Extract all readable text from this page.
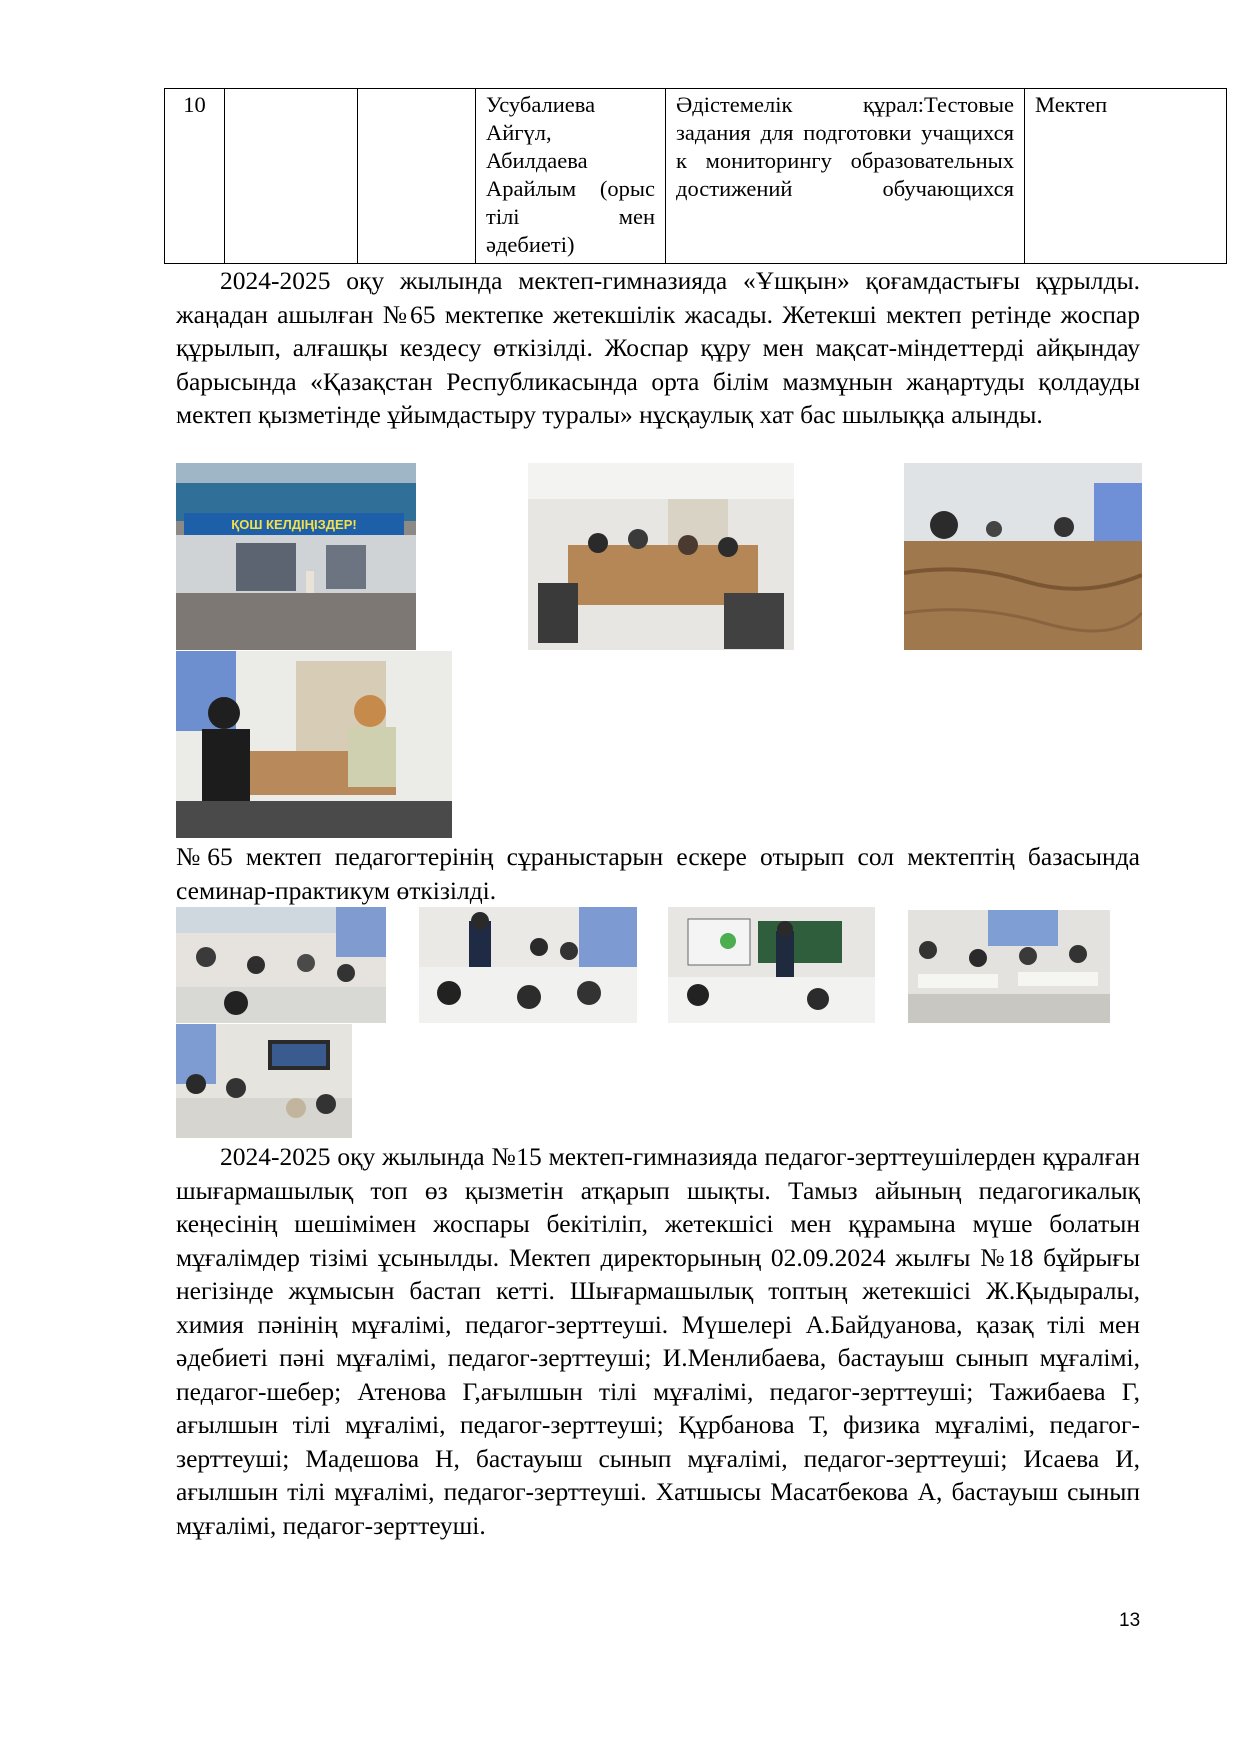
10			Усубалиева Айгүл, Абилдаева Арайлым (орыс тілі мен әдебиеті)	Әдістемелік құрал:Тестовые задания для подготовки учащихся к мониторингу образовательных достижений обучающихся	Мектеп

2024-2025 оқу жылында мектеп-гимназияда «Ұшқын» қоғамдастығы құрылды. жаңадан ашылған №65 мектепке жетекшілік жасады. Жетекші мектеп ретінде жоспар құрылып, алғашқы кездесу өткізілді. Жоспар құру мен мақсат-міндеттерді айқындау барысында «Қазақстан Республикасында орта білім мазмұнын жаңартуды қолдауды мектеп қызметінде ұйымдастыру туралы» нұсқаулық хат бас шылыққа алынды.

ҚОШ КЕЛДІҢІЗДЕР!

№65 мектеп педагогтерінің сұраныстарын ескере отырып сол мектептің базасында семинар-практикум өткізілді.

2024-2025 оқу жылында №15 мектеп-гимназияда педагог-зерттеушілерден құралған шығармашылық топ өз қызметін атқарып шықты. Тамыз айының педагогикалық кеңесінің шешімімен жоспары бекітіліп, жетекшісі мен құрамына мүше болатын мұғалімдер тізімі ұсынылды. Мектеп директорының 02.09.2024 жылғы №18 бұйрығы негізінде жұмысын бастап кетті. Шығармашылық топтың жетекшісі Ж.Қыдыралы, химия пәнінің мұғалімі, педагог-зерттеуші. Мүшелері А.Байдуанова, қазақ тілі мен әдебиеті пәні мұғалімі, педагог-зерттеуші; И.Менлибаева, бастауыш сынып мұғалімі, педагог-шебер; Атенова Г,ағылшын тілі мұғалімі, педагог-зерттеуші; Тажибаева Г, ағылшын тілі мұғалімі, педагог-зерттеуші; Құрбанова Т, физика мұғалімі, педагог-зерттеуші; Мадешова Н, бастауыш сынып мұғалімі, педагог-зерттеуші; Исаева И, ағылшын тілі мұғалімі, педагог-зерттеуші. Хатшысы Масатбекова А, бастауыш сынып мұғалімі, педагог-зерттеуші.

13
